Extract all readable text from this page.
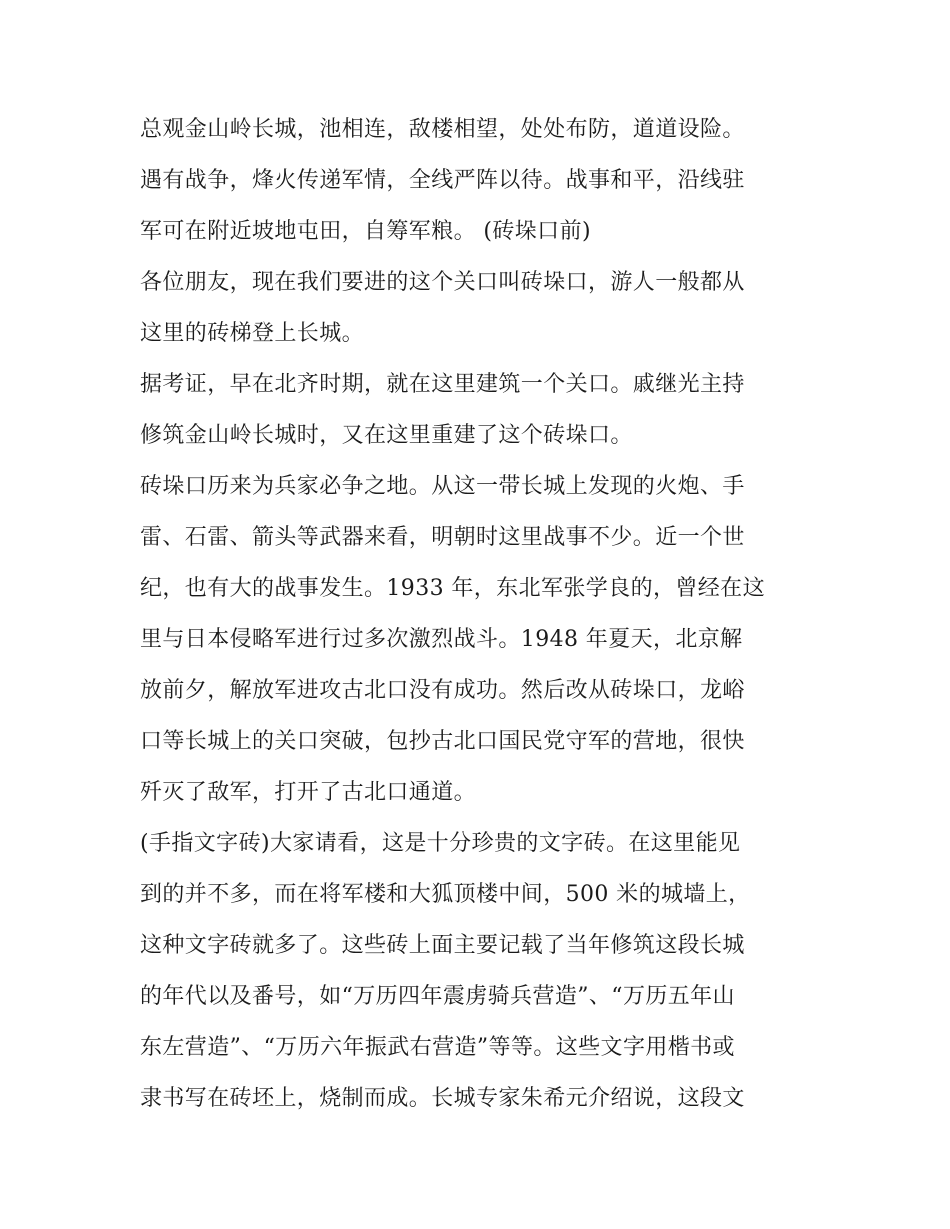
总观金山岭长城，池相连，敌楼相望，处处布防，道道设险。
遇有战争，烽火传递军情，全线严阵以待。战事和平，沿线驻
军可在附近坡地屯田，自筹军粮。 (砖垛口前)
各位朋友，现在我们要进的这个关口叫砖垛口，游人一般都从
这里的砖梯登上长城。
据考证，早在北齐时期，就在这里建筑一个关口。戚继光主持
修筑金山岭长城时，又在这里重建了这个砖垛口。
砖垛口历来为兵家必争之地。从这一带长城上发现的火炮、手
雷、石雷、箭头等武器来看，明朝时这里战事不少。近一个世
纪，也有大的战事发生。1933 年，东北军张学良的，曾经在这
里与日本侵略军进行过多次激烈战斗。1948 年夏天，北京解
放前夕，解放军进攻古北口没有成功。然后改从砖垛口，龙峪
口等长城上的关口突破，包抄古北口国民党守军的营地，很快
歼灭了敌军，打开了古北口通道。
(手指文字砖)大家请看，这是十分珍贵的文字砖。在这里能见
到的并不多，而在将军楼和大狐顶楼中间，500 米的城墙上，
这种文字砖就多了。这些砖上面主要记载了当年修筑这段长城
的年代以及番号，如“万历四年震虏骑兵营造”、“万历五年山
东左营造”、“万历六年振武右营造”等等。这些文字用楷书或
隶书写在砖坯上，烧制而成。长城专家朱希元介绍说，这段文
